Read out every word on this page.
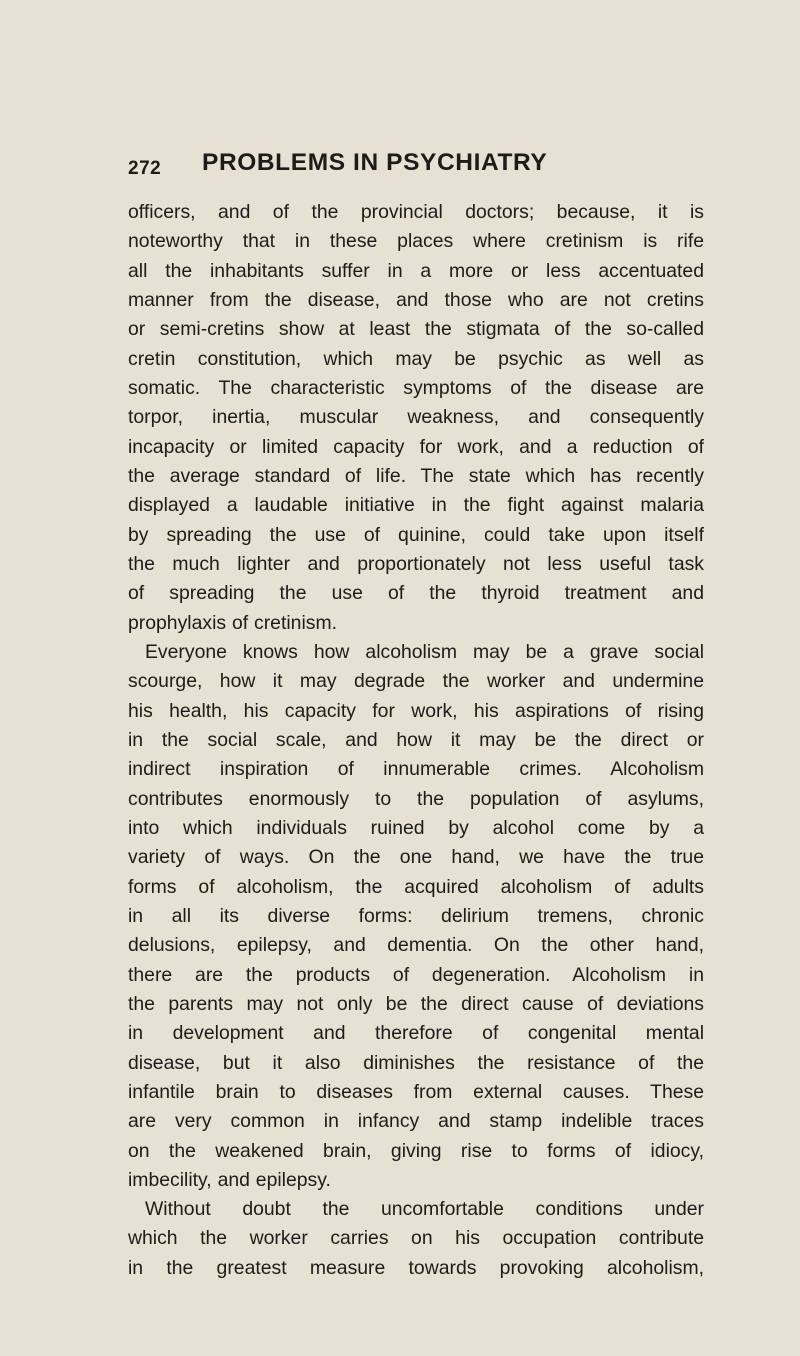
272 PROBLEMS IN PSYCHIATRY
officers, and of the provincial doctors; because, it is
noteworthy that in these places where cretinism is rife
all the inhabitants suffer in a more or less accentuated
manner from the disease, and those who are not cretins
or semi-cretins show at least the stigmata of the so-called
cretin constitution, which may be psychic as well as
somatic. The characteristic symptoms of the disease are
torpor, inertia, muscular weakness, and consequently
incapacity or limited capacity for work, and a reduction of
the average standard of life. The state which has recently
displayed a laudable initiative in the fight against malaria
by spreading the use of quinine, could take upon itself
the much lighter and proportionately not less useful task
of spreading the use of the thyroid treatment and
prophylaxis of cretinism.
Everyone knows how alcoholism may be a grave social
scourge, how it may degrade the worker and undermine
his health, his capacity for work, his aspirations of rising
in the social scale, and how it may be the direct or
indirect inspiration of innumerable crimes. Alcoholism
contributes enormously to the population of asylums,
into which individuals ruined by alcohol come by a
variety of ways. On the one hand, we have the true
forms of alcoholism, the acquired alcoholism of adults
in all its diverse forms: delirium tremens, chronic
delusions, epilepsy, and dementia. On the other hand,
there are the products of degeneration. Alcoholism in
the parents may not only be the direct cause of deviations
in development and therefore of congenital mental
disease, but it also diminishes the resistance of the
infantile brain to diseases from external causes. These
are very common in infancy and stamp indelible traces
on the weakened brain, giving rise to forms of idiocy,
imbecility, and epilepsy.
Without doubt the uncomfortable conditions under
which the worker carries on his occupation contribute
in the greatest measure towards provoking alcoholism,
